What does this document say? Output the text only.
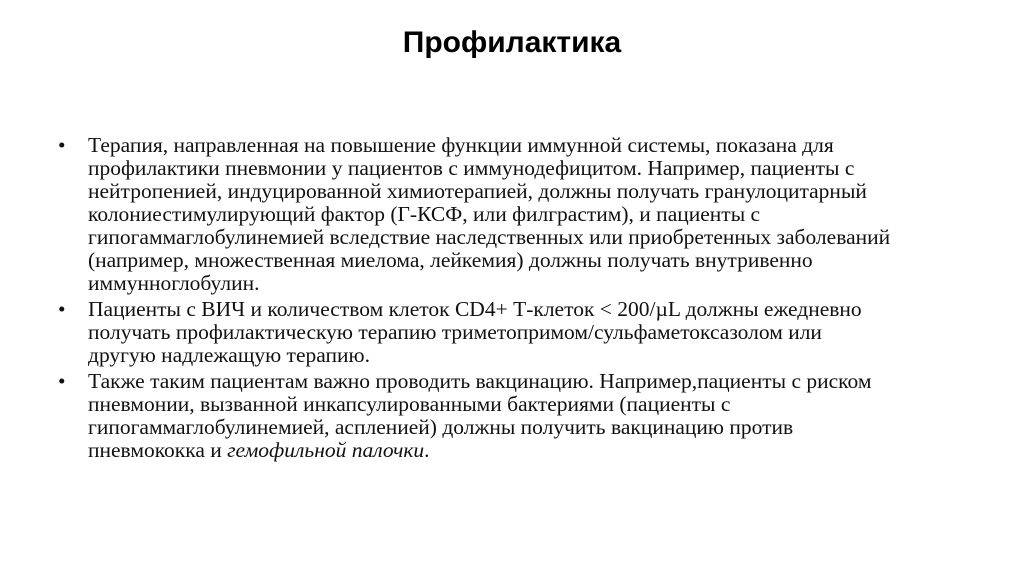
Профилактика
• Терапия, направленная на повышение функции иммунной системы, показана для
профилактики пневмонии у пациентов с иммунодефицитом. Например, пациенты с
нейтропенией, индуцированной химиотерапией, должны получать гранулоцитарный
колониестимулирующий фактор (Г-КСФ, или филграстим), и пациенты с
гипогаммаглобулинемией вследствие наследственных или приобретенных заболеваний
(например, множественная миелома, лейкемия) должны получать внутривенно
иммунноглобулин.
• Пациенты с ВИЧ и количеством клеток CD4+ Т-клеток < 200/µL должны ежедневно
получать профилактическую терапию триметопримом/сульфаметоксазолом или
другую надлежащую терапию.
• Также таким пациентам важно проводить вакцинацию. Например,пациенты с риском
пневмонии, вызванной инкапсулированными бактериями (пациенты с
гипогаммаглобулинемией, аспленией) должны получить вакцинацию против
пневмококка и гемофильной палочки.
